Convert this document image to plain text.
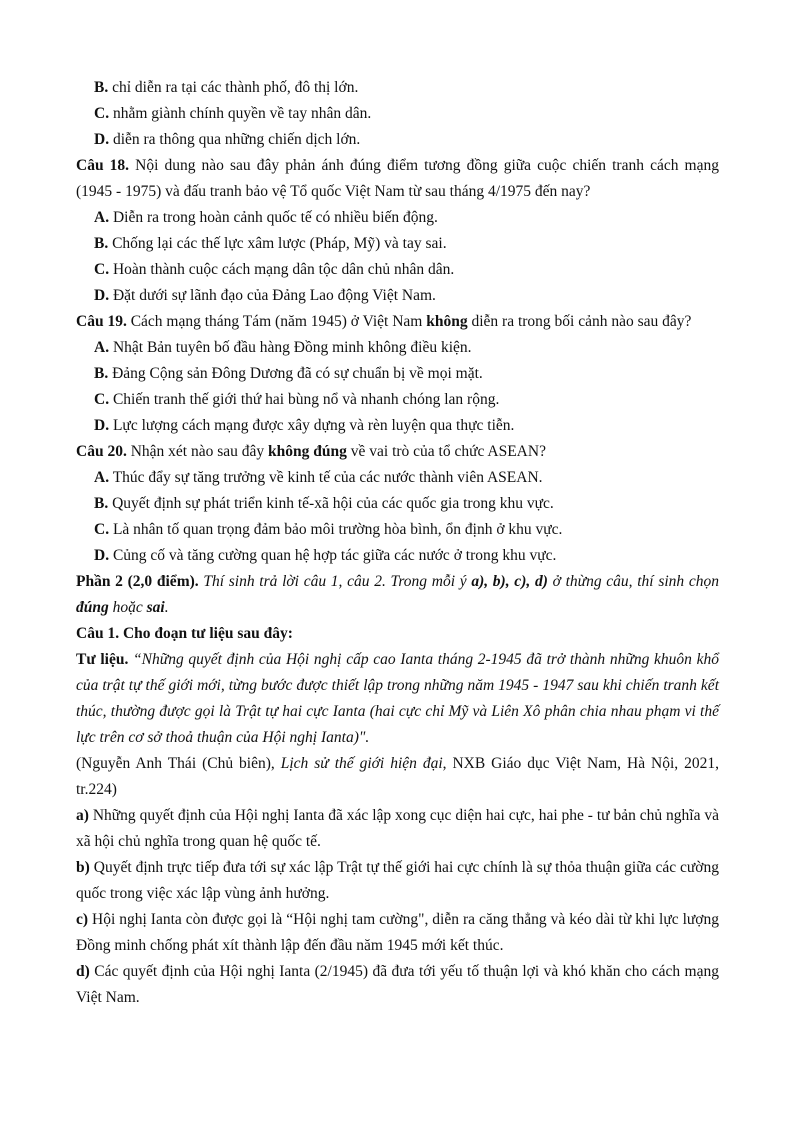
B. chỉ diễn ra tại các thành phố, đô thị lớn.

C. nhằm giành chính quyền về tay nhân dân.

D. diễn ra thông qua những chiến dịch lớn.

Câu 18. Nội dung nào sau đây phản ánh đúng điểm tương đồng giữa cuộc chiến tranh cách mạng (1945 - 1975) và đấu tranh bảo vệ Tổ quốc Việt Nam từ sau tháng 4/1975 đến nay?

A. Diễn ra trong hoàn cảnh quốc tế có nhiều biến động.

B. Chống lại các thế lực xâm lược (Pháp, Mỹ) và tay sai.

C. Hoàn thành cuộc cách mạng dân tộc dân chủ nhân dân.

D. Đặt dưới sự lãnh đạo của Đảng Lao động Việt Nam.

Câu 19. Cách mạng tháng Tám (năm 1945) ở Việt Nam không diễn ra trong bối cảnh nào sau đây?

A. Nhật Bản tuyên bố đầu hàng Đồng minh không điều kiện.

B. Đảng Cộng sản Đông Dương đã có sự chuẩn bị về mọi mặt.

C. Chiến tranh thế giới thứ hai bùng nổ và nhanh chóng lan rộng.

D. Lực lượng cách mạng được xây dựng và rèn luyện qua thực tiễn.

Câu 20. Nhận xét nào sau đây không đúng về vai trò của tổ chức ASEAN?

A. Thúc đẩy sự tăng trưởng về kinh tế của các nước thành viên ASEAN.

B. Quyết định sự phát triển kinh tế-xã hội của các quốc gia trong khu vực.

C. Là nhân tố quan trọng đảm bảo môi trường hòa bình, ổn định ở khu vực.

D. Củng cố và tăng cường quan hệ hợp tác giữa các nước ở trong khu vực.

Phần 2 (2,0 điểm). Thí sinh trả lời câu 1, câu 2. Trong mỗi ý a), b), c), d) ở thừng câu, thí sinh chọn đúng hoặc sai.

Câu 1. Cho đoạn tư liệu sau đây:

Tư liệu. “Những quyết định của Hội nghị cấp cao Ianta tháng 2-1945 đã trở thành những khuôn khổ của trật tự thế giới mới, từng bước được thiết lập trong những năm 1945 - 1947 sau khi chiến tranh kết thúc, thường được gọi là Trật tự hai cực Ianta (hai cực chỉ Mỹ và Liên Xô phân chia nhau phạm vi thế lực trên cơ sở thoả thuận của Hội nghị Ianta)".

(Nguyễn Anh Thái (Chủ biên), Lịch sử thế giới hiện đại, NXB Giáo dục Việt Nam, Hà Nội, 2021, tr.224)

a) Những quyết định của Hội nghị Ianta đã xác lập xong cục diện hai cực, hai phe - tư bản chủ nghĩa và xã hội chủ nghĩa trong quan hệ quốc tế.

b) Quyết định trực tiếp đưa tới sự xác lập Trật tự thế giới hai cực chính là sự thỏa thuận giữa các cường quốc trong việc xác lập vùng ảnh hưởng.

c) Hội nghị Ianta còn được gọi là “Hội nghị tam cường", diễn ra căng thẳng và kéo dài từ khi lực lượng Đồng minh chống phát xít thành lập đến đầu năm 1945 mới kết thúc.

d) Các quyết định của Hội nghị Ianta (2/1945) đã đưa tới yếu tố thuận lợi và khó khăn cho cách mạng Việt Nam.
